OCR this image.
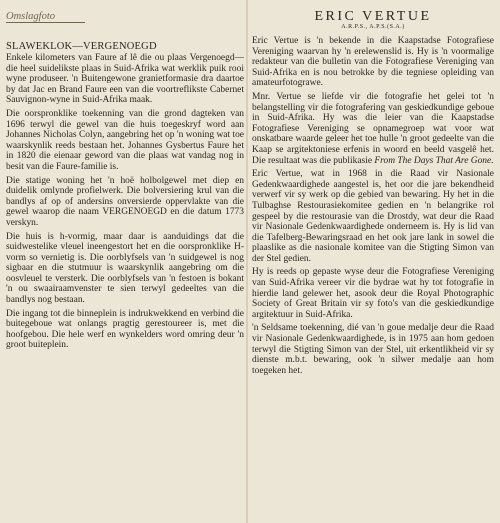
Omslagfoto
SLAWEKLOK—VERGENOEGD

Enkele kilometers van Faure af lê die ou plaas Vergenoegd—die heel suidelikste plaas in Suid-Afrika wat werklik puik rooi wyne produseer. 'n Buitengewone granietformasie dra daartoe by dat Jac en Brand Faure een van die voortreflikste Cabernet Sauvignon-wyne in Suid-Afrika maak.

Die oorspronklike toekenning van die grond dagteken van 1696 terwyl die gewel van die huis toegeskryf word aan Johannes Nicholas Colyn, aangebring het op 'n woning wat toe waarskynlik reeds bestaan het. Johannes Gysbertus Faure het in 1820 die eienaar geword van die plaas wat vandag nog in besit van die Faure-familie is.

Die statige woning het 'n hoë holbolgewel met diep en duidelik omlynde profielwerk. Die bolversiering krul van die bandlys af op of andersins onversierde oppervlakte van die gewel waarop die naam VERGENOEGD en die datum 1773 verskyn.

Die huis is h-vormig, maar daar is aanduidings dat die suidwestelike vleuel ineengestort het en die oorspronklike H-vorm so vernietig is. Die oorblyfsels van 'n suidgewel is nog sigbaar en die stutmuur is waarskynlik aangebring om die oosvleuel te versterk. Die oorblyfsels van 'n festoen is bokant 'n ou swaairaamvenster te sien terwyl gedeeltes van die bandlys nog bestaan.

Die ingang tot die binneplein is indrukwekkend en verbind die buitegeboue wat onlangs pragtig gerestoureer is, met die hoofgebou. Die hele werf en wynkelders word omring deur 'n groot buiteplein.

ERIC VERTUE
A.R.P.S., A.P.S.(S.A.)

Eric Vertue is 'n bekende in die Kaapstadse Fotografiese Vereniging waarvan hy 'n erelewenslid is. Hy is 'n voormalige redakteur van die bulletin van die Fotografiese Vereniging van Suid-Afrika en is nou betrokke by die tegniese opleiding van amateurfotograwe.

Mnr. Vertue se liefde vir die fotografie het gelei tot 'n belangstelling vir die fotografering van geskiedkundige geboue in Suid-Afrika. Hy was die leier van die Kaapstadse Fotografiese Vereniging se opnamegroep wat voor wat onskatbare waarde geleer het toe hulle 'n groot gedeelte van die Kaap se argitektoniese erfenis in woord en beeld vasgelê het. Die resultaat was die publikasie From The Days That Are Gone.

Eric Vertue, wat in 1968 in die Raad vir Nasionale Gedenkwaardighede aangestel is, het oor die jare bekendheid verwerf vir sy werk op die gebied van bewaring. Hy het in die Tulbaghse Restourasiekomitee gedien en 'n belangrike rol gespeel by die restourasie van die Drostdy, wat deur die Raad vir Nasionale Gedenkwaardighede onderneem is. Hy is lid van die Tafelberg-Bewaringsraad en het ook jare lank in sowel die plaaslike as die nasionale komitee van die Stigting Simon van der Stel gedien.

Hy is reeds op gepaste wyse deur die Fotografiese Vereniging van Suid-Afrika vereer vir die bydrae wat hy tot fotografie in hierdie land gelewer het, asook deur die Royal Photographic Society of Great Britain vir sy foto's van die geskiedkundige argitektuur in Suid-Afrika.

'n Seldsame toekenning, dié van 'n goue medalje deur die Raad vir Nasionale Gedenkwaardighede, is in 1975 aan hom gedoen terwyl die Stigting Simon van der Stel, uit erkentlikheid vir sy dienste m.b.t. bewaring, ook 'n silwer medalje aan hom toegeken het.
